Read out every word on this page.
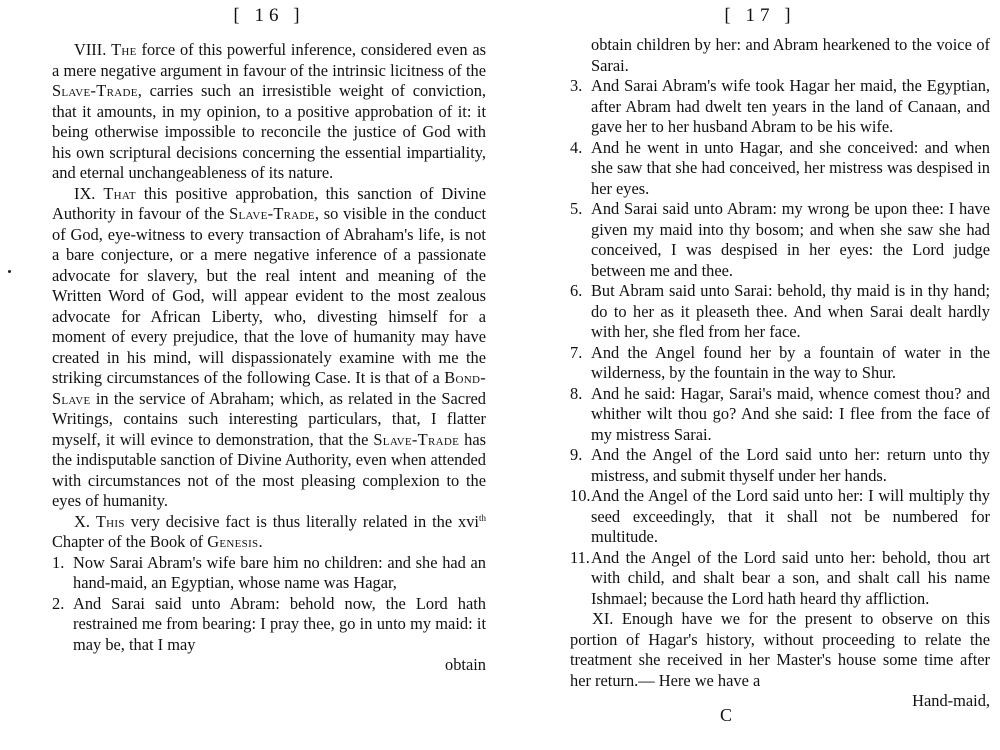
[ 16 ]

VIII. The force of this powerful inference, considered even as a mere negative argument in favour of the intrinsic licitness of the Slave-Trade, carries such an irresistible weight of conviction, that it amounts, in my opinion, to a positive approbation of it: it being otherwise impossible to reconcile the justice of God with his own scriptural decisions concerning the essential impartiality, and eternal unchangeableness of its nature.

IX. That this positive approbation, this sanction of Divine Authority in favour of the Slave-Trade, so visible in the conduct of God, eye-witness to every transaction of Abraham's life, is not a bare conjecture, or a mere negative inference of a passionate advocate for slavery, but the real intent and meaning of the Written Word of God, will appear evident to the most zealous advocate for African Liberty, who, divesting himself for a moment of every prejudice, that the love of humanity may have created in his mind, will dispassionately examine with me the striking circumstances of the following Case. It is that of a Bond-Slave in the service of Abraham; which, as related in the Sacred Writings, contains such interesting particulars, that, I flatter myself, it will evince to demonstration, that the Slave-Trade has the indisputable sanction of Divine Authority, even when attended with circumstances not of the most pleasing complexion to the eyes of humanity.

X. This very decisive fact is thus literally related in the xvi$^{th}$ Chapter of the Book of Genesis.

1. Now Sarai Abram's wife bare him no children: and she had an hand-maid, an Egyptian, whose name was Hagar,

2. And Sarai said unto Abram: behold now, the Lord hath restrained me from bearing: I pray thee, go in unto my maid: it may be, that I may

obtain

[ 17 ]

obtain children by her: and Abram hearkened to the voice of Sarai.

3. And Sarai Abram's wife took Hagar her maid, the Egyptian, after Abram had dwelt ten years in the land of Canaan, and gave her to her husband Abram to be his wife.

4. And he went in unto Hagar, and she conceived: and when she saw that she had conceived, her mistress was despised in her eyes.

5. And Sarai said unto Abram: my wrong be upon thee: I have given my maid into thy bosom; and when she saw she had conceived, I was despised in her eyes: the Lord judge between me and thee.

6. But Abram said unto Sarai: behold, thy maid is in thy hand; do to her as it pleaseth thee. And when Sarai dealt hardly with her, she fled from her face.

7. And the Angel found her by a fountain of water in the wilderness, by the fountain in the way to Shur.

8. And he said: Hagar, Sarai's maid, whence comest thou? and whither wilt thou go? And she said: I flee from the face of my mistress Sarai.

9. And the Angel of the Lord said unto her: return unto thy mistress, and submit thyself under her hands.

10.And the Angel of the Lord said unto her: I will multiply thy seed exceedingly, that it shall not be numbered for multitude.

11.And the Angel of the Lord said unto her: behold, thou art with child, and shalt bear a son, and shalt call his name Ishmael; because the Lord hath heard thy affliction.

XI. Enough have we for the present to observe on this portion of Hagar's history, without proceeding to relate the treatment she received in her Master's house some time after her return.— Here we have a

Hand-maid,

C
